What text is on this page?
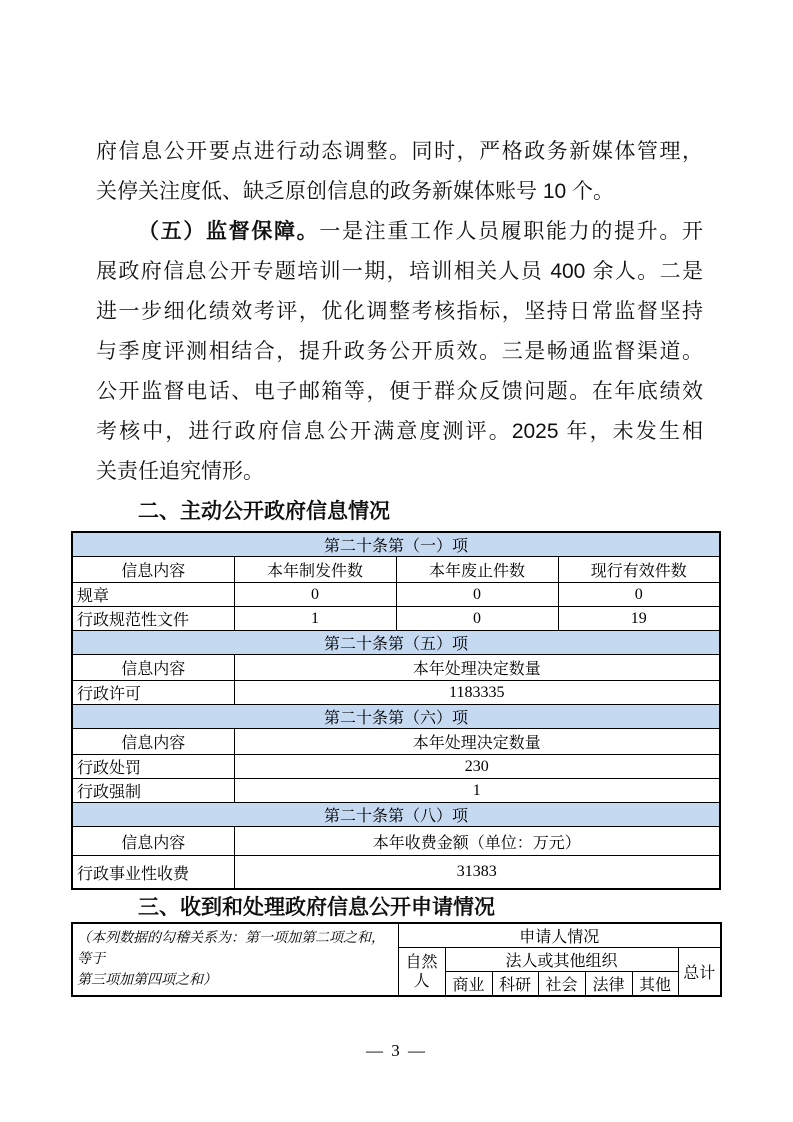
府信息公开要点进行动态调整。同时，严格政务新媒体管理，
关停关注度低、缺乏原创信息的政务新媒体账号 10 个。
（五）监督保障。一是注重工作人员履职能力的提升。开
展政府信息公开专题培训一期，培训相关人员 400 余人。二是
进一步细化绩效考评，优化调整考核指标，坚持日常监督坚持
与季度评测相结合，提升政务公开质效。三是畅通监督渠道。
公开监督电话、电子邮箱等，便于群众反馈问题。在年底绩效
考核中，进行政府信息公开满意度测评。2025 年，未发生相
关责任追究情形。
二、主动公开政府信息情况
第二十条第（一）项			
信息内容	本年制发件数	本年废止件数	现行有效件数
规章	0	0	0
行政规范性文件	1	0	19
第二十条第（五）项			
信息内容	本年处理决定数量		
行政许可	1183335		
第二十条第（六）项			
信息内容	本年处理决定数量		
行政处罚	230		
行政强制	1		
第二十条第（八）项			
信息内容	本年收费金额（单位：万元）		
行政事业性收费	31383		
三、收到和处理政府信息公开申请情况
（本列数据的勾稽关系为：第一项加第二项之和，等于
第三项加第四项之和）	申请人情况						
	自然人	法人或其他组织					总计
		商业	科研	社会	法律	其他	
— 3 —
